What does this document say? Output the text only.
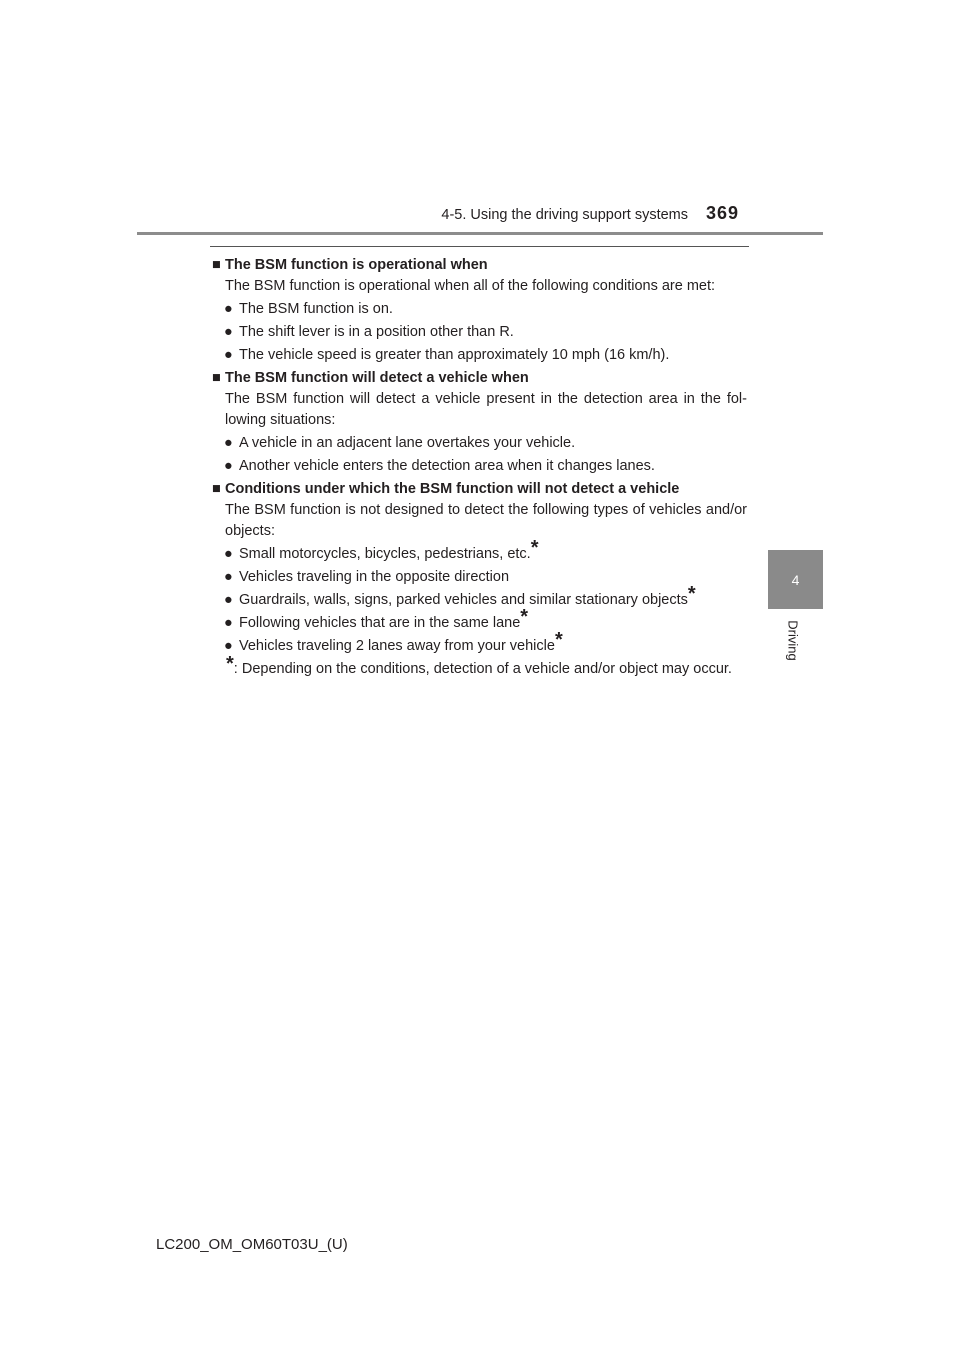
4-5. Using the driving support systems 369
4
Driving
■ The BSM function is operational when
The BSM function is operational when all of the following conditions are met:
● The BSM function is on.
● The shift lever is in a position other than R.
● The vehicle speed is greater than approximately 10 mph (16 km/h).
■ The BSM function will detect a vehicle when
The BSM function will detect a vehicle present in the detection area in the fol-lowing situations:
● A vehicle in an adjacent lane overtakes your vehicle.
● Another vehicle enters the detection area when it changes lanes.
■ Conditions under which the BSM function will not detect a vehicle
The BSM function is not designed to detect the following types of vehicles and/or objects:
● Small motorcycles, bicycles, pedestrians, etc.*
● Vehicles traveling in the opposite direction
● Guardrails, walls, signs, parked vehicles and similar stationary objects*
● Following vehicles that are in the same lane*
● Vehicles traveling 2 lanes away from your vehicle*
*: Depending on the conditions, detection of a vehicle and/or object may occur.
LC200_OM_OM60T03U_(U)
